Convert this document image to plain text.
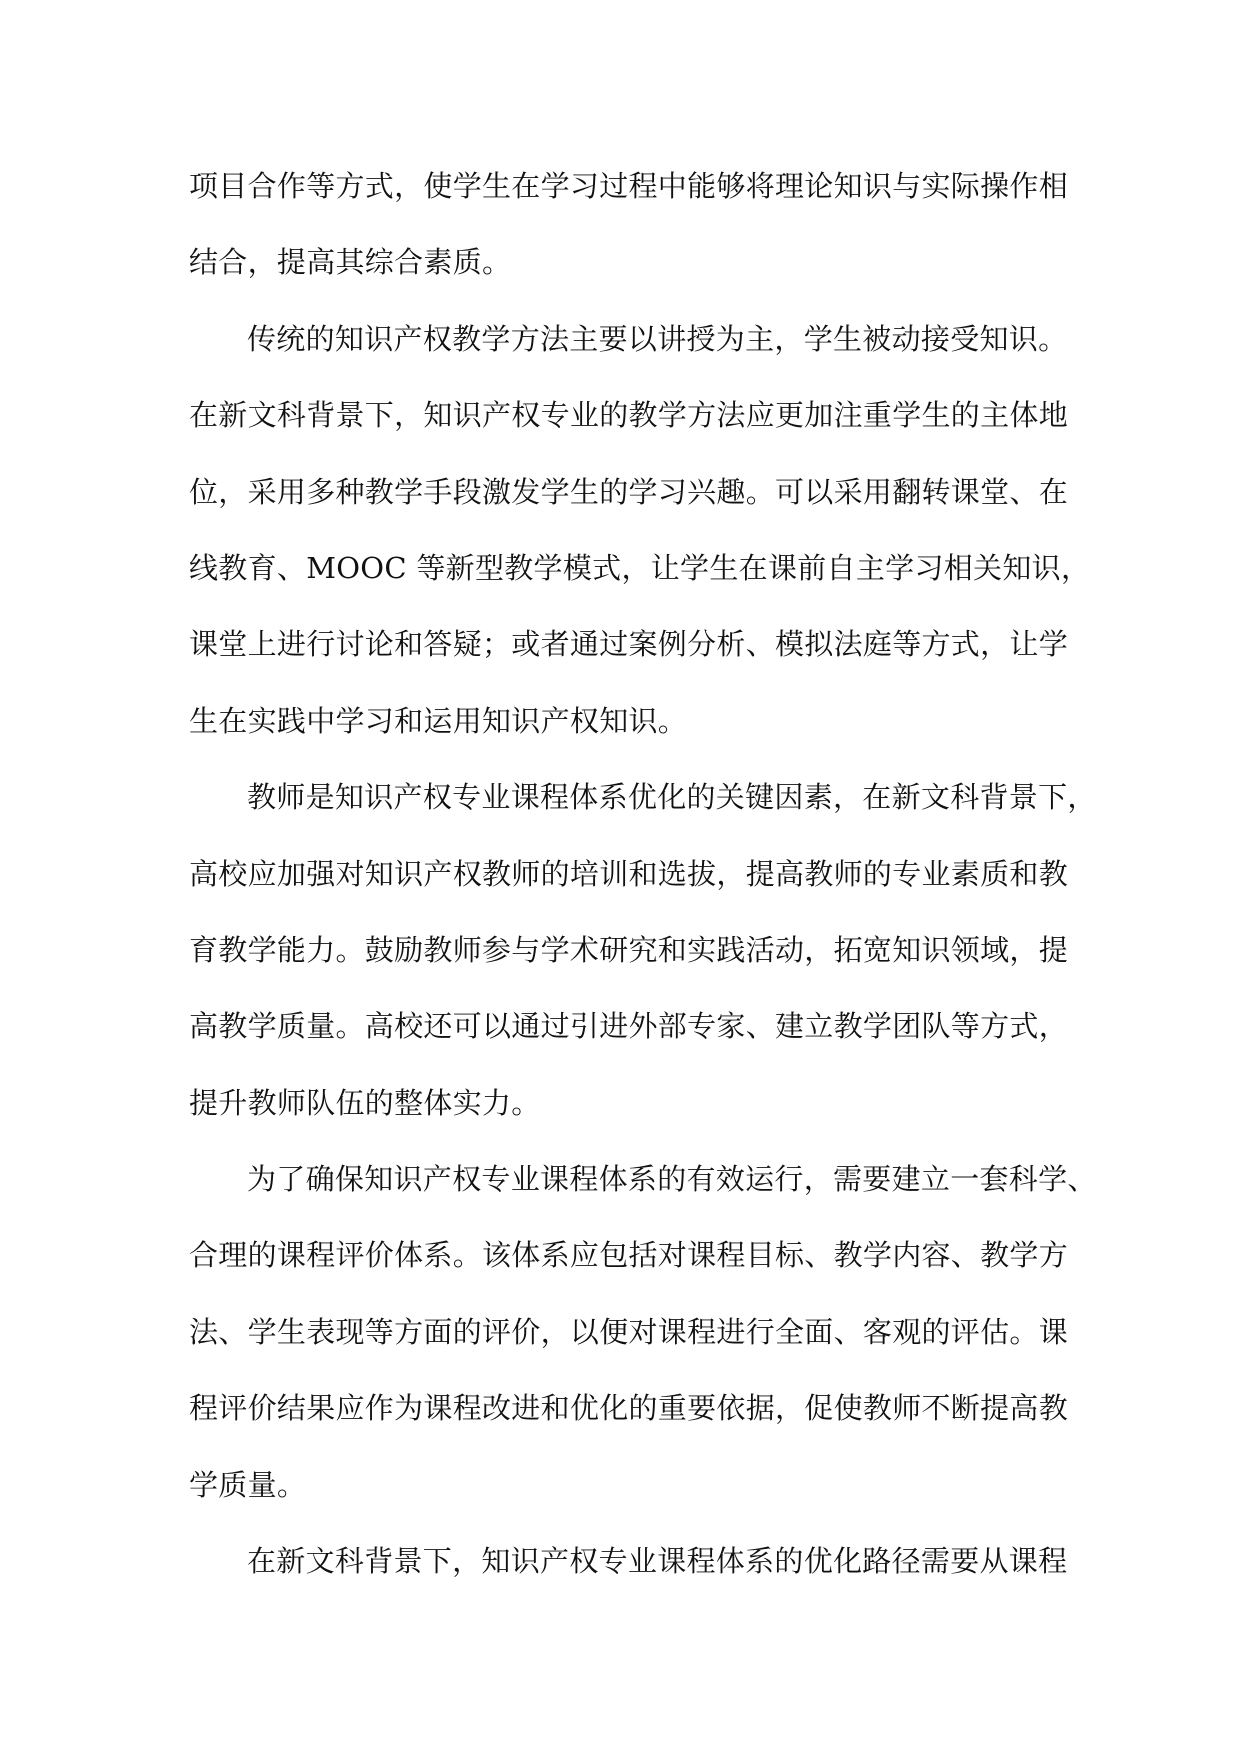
项目合作等方式，使学生在学习过程中能够将理论知识与实际操作相
结合，提高其综合素质。

传统的知识产权教学方法主要以讲授为主，学生被动接受知识。
在新文科背景下，知识产权专业的教学方法应更加注重学生的主体地
位，采用多种教学手段激发学生的学习兴趣。可以采用翻转课堂、在
线教育、MOOC 等新型教学模式，让学生在课前自主学习相关知识，
课堂上进行讨论和答疑；或者通过案例分析、模拟法庭等方式，让学
生在实践中学习和运用知识产权知识。

教师是知识产权专业课程体系优化的关键因素，在新文科背景下，
高校应加强对知识产权教师的培训和选拔，提高教师的专业素质和教
育教学能力。鼓励教师参与学术研究和实践活动，拓宽知识领域，提
高教学质量。高校还可以通过引进外部专家、建立教学团队等方式，
提升教师队伍的整体实力。

为了确保知识产权专业课程体系的有效运行，需要建立一套科学、
合理的课程评价体系。该体系应包括对课程目标、教学内容、教学方
法、学生表现等方面的评价，以便对课程进行全面、客观的评估。课
程评价结果应作为课程改进和优化的重要依据，促使教师不断提高教
学质量。

在新文科背景下，知识产权专业课程体系的优化路径需要从课程
